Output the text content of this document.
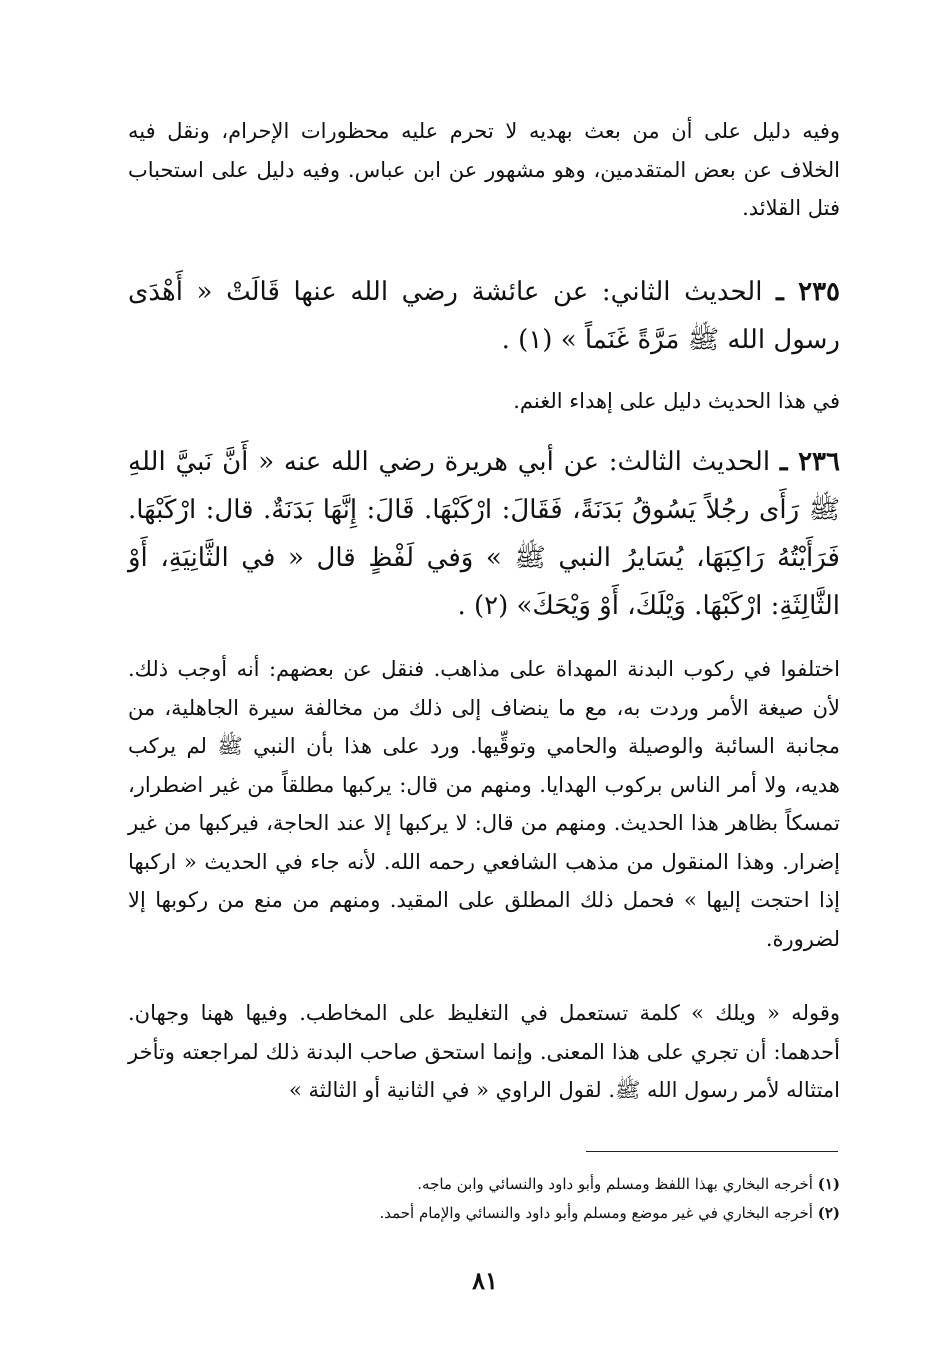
وفيه دليل على أن من بعث بهديه لا تحرم عليه محظورات الإحرام، ونقل فيه الخلاف عن بعض المتقدمين، وهو مشهور عن ابن عباس. وفيه دليل على استحباب فتل القلائد.

٢٣٥ ـ الحديث الثاني: عن عائشة رضي الله عنها قَالَتْ « أَهْدَى رسول الله ﷺ مَرَّةً غَنَماً » (١) .

في هذا الحديث دليل على إهداء الغنم.

٢٣٦ ـ الحديث الثالث: عن أبي هريرة رضي الله عنه « أَنَّ نَبيَّ اللهِ ﷺ رَأَى رجُلاً يَسُوقُ بَدَنَةً، فَقَالَ: ارْكَبْهَا. قَالَ: إِنَّهَا بَدَنَةٌ. قال: ارْكَبْهَا. فَرَأَيْتُهُ رَاكِبَهَا، يُسَايرُ النبي ﷺ » وَفي لَفْظٍ قال « في الثَّانِيَةِ، أَوْ الثَّالِثَةِ: ارْكَبْهَا. وَيْلَكَ، أَوْ وَيْحَكَ» (٢) .

اختلفوا في ركوب البدنة المهداة على مذاهب. فنقل عن بعضهم: أنه أوجب ذلك. لأن صيغة الأمر وردت به، مع ما ينضاف إلى ذلك من مخالفة سيرة الجاهلية، من مجانبة السائبة والوصيلة والحامي وتوقِّيها. ورد على هذا بأن النبي ﷺ لم يركب هديه، ولا أمر الناس بركوب الهدايا. ومنهم من قال: يركبها مطلقاً من غير اضطرار، تمسكاً بظاهر هذا الحديث. ومنهم من قال: لا يركبها إلا عند الحاجة، فيركبها من غير إضرار. وهذا المنقول من مذهب الشافعي رحمه الله. لأنه جاء في الحديث « اركبها إذا احتجت إليها » فحمل ذلك المطلق على المقيد. ومنهم من منع من ركوبها إلا لضرورة.

وقوله « ويلك » كلمة تستعمل في التغليظ على المخاطب. وفيها ههنا وجهان. أحدهما: أن تجري على هذا المعنى. وإنما استحق صاحب البدنة ذلك لمراجعته وتأخر امتثاله لأمر رسول الله ﷺ. لقول الراوي « في الثانية أو الثالثة »

(١) أخرجه البخاري بهذا اللفظ ومسلم وأبو داود والنسائي وابن ماجه.

(٢) أخرجه البخاري في غير موضع ومسلم وأبو داود والنسائي والإمام أحمد.

٨١
